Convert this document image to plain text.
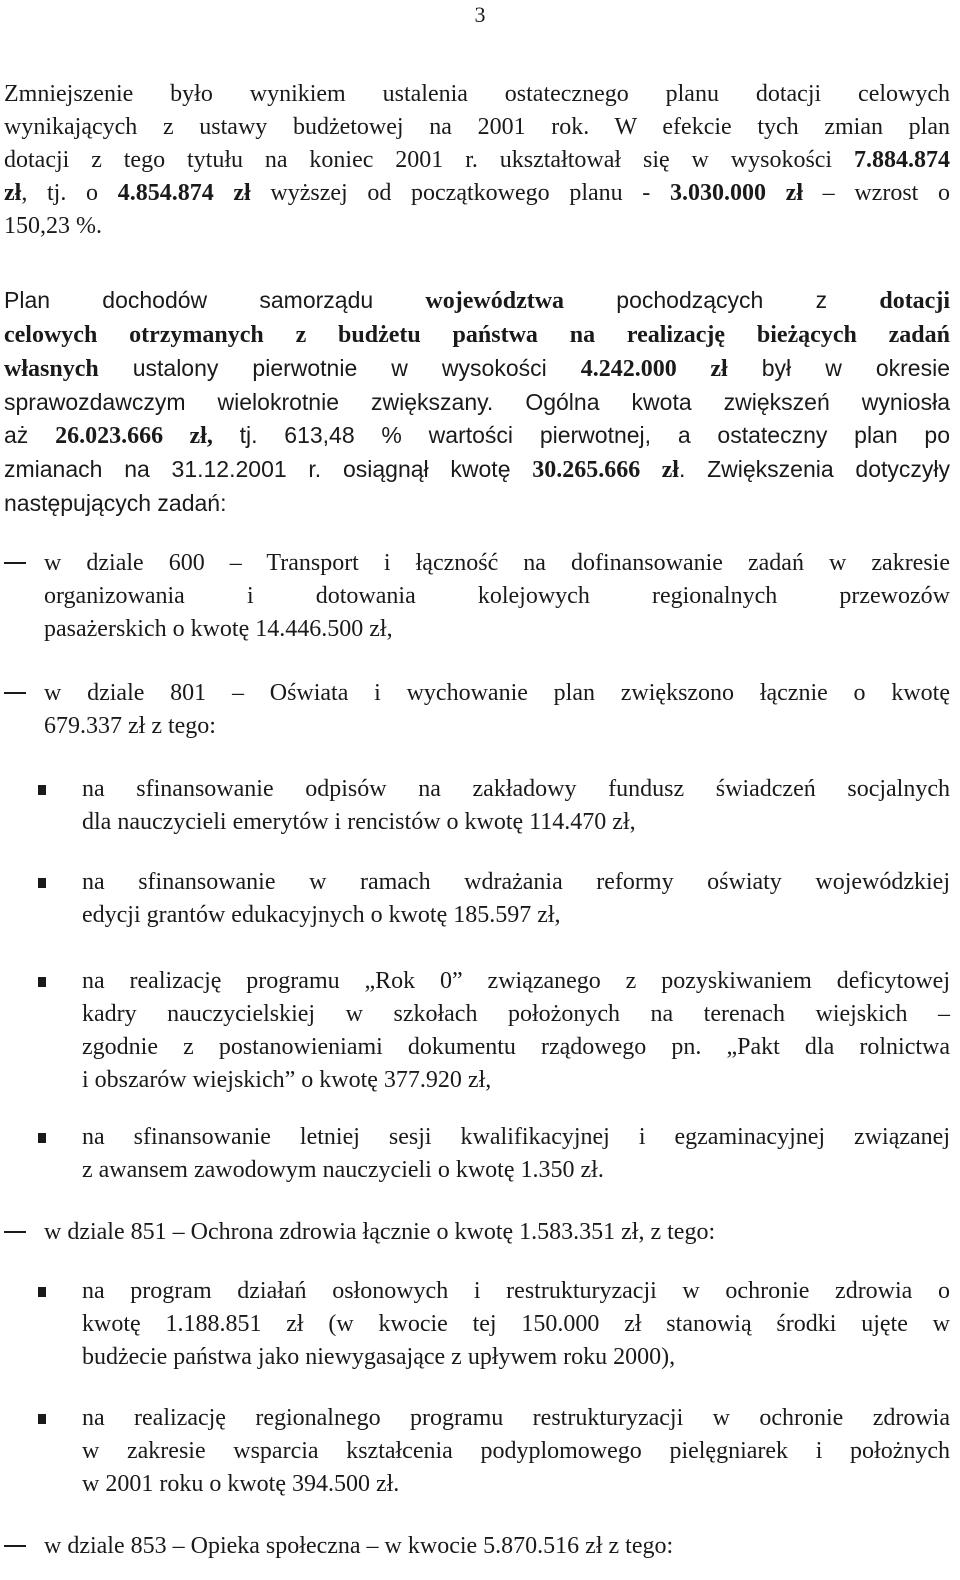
3
Zmniejszenie było wynikiem ustalenia ostatecznego planu dotacji celowych
wynikających z ustawy budżetowej na 2001 rok. W efekcie tych zmian plan
dotacji z tego tytułu na koniec 2001 r. ukształtował się w wysokości 7.884.874
zł, tj. o 4.854.874 zł wyższej od początkowego planu - 3.030.000 zł – wzrost o
150,23 %.
Plan dochodów samorządu województwa pochodzących z dotacji
celowych otrzymanych z budżetu państwa na realizację bieżących zadań
własnych ustalony pierwotnie w wysokości 4.242.000 zł był w okresie
sprawozdawczym wielokrotnie zwiększany. Ogólna kwota zwiększeń wyniosła
aż 26.023.666 zł, tj. 613,48 % wartości pierwotnej, a ostateczny plan po
zmianach na 31.12.2001 r. osiągnął kwotę 30.265.666 zł. Zwiększenia dotyczyły
następujących zadań:
w dziale 600 – Transport i łączność na dofinansowanie zadań w zakresie
organizowania i dotowania kolejowych regionalnych przewozów
pasażerskich o kwotę 14.446.500 zł,
w dziale 801 – Oświata i wychowanie plan zwiększono łącznie o kwotę
679.337 zł z tego:
na sfinansowanie odpisów na zakładowy fundusz świadczeń socjalnych
dla nauczycieli emerytów i rencistów o kwotę 114.470 zł,
na sfinansowanie w ramach wdrażania reformy oświaty wojewódzkiej
edycji grantów edukacyjnych o kwotę 185.597 zł,
na realizację programu „Rok 0” związanego z pozyskiwaniem deficytowej
kadry nauczycielskiej w szkołach położonych na terenach wiejskich –
zgodnie z postanowieniami dokumentu rządowego pn. „Pakt dla rolnictwa
i obszarów wiejskich” o kwotę 377.920 zł,
na sfinansowanie letniej sesji kwalifikacyjnej i egzaminacyjnej związanej
z awansem zawodowym nauczycieli o kwotę 1.350 zł.
w dziale 851 – Ochrona zdrowia łącznie o kwotę 1.583.351 zł, z tego:
na program działań osłonowych i restrukturyzacji w ochronie zdrowia o
kwotę 1.188.851 zł (w kwocie tej 150.000 zł stanowią środki ujęte w
budżecie państwa jako niewygasające z upływem roku 2000),
na realizację regionalnego programu restrukturyzacji w ochronie zdrowia
w zakresie wsparcia kształcenia podyplomowego pielęgniarek i położnych
w 2001 roku o kwotę 394.500 zł.
w dziale 853 – Opieka społeczna – w kwocie 5.870.516 zł z tego:
